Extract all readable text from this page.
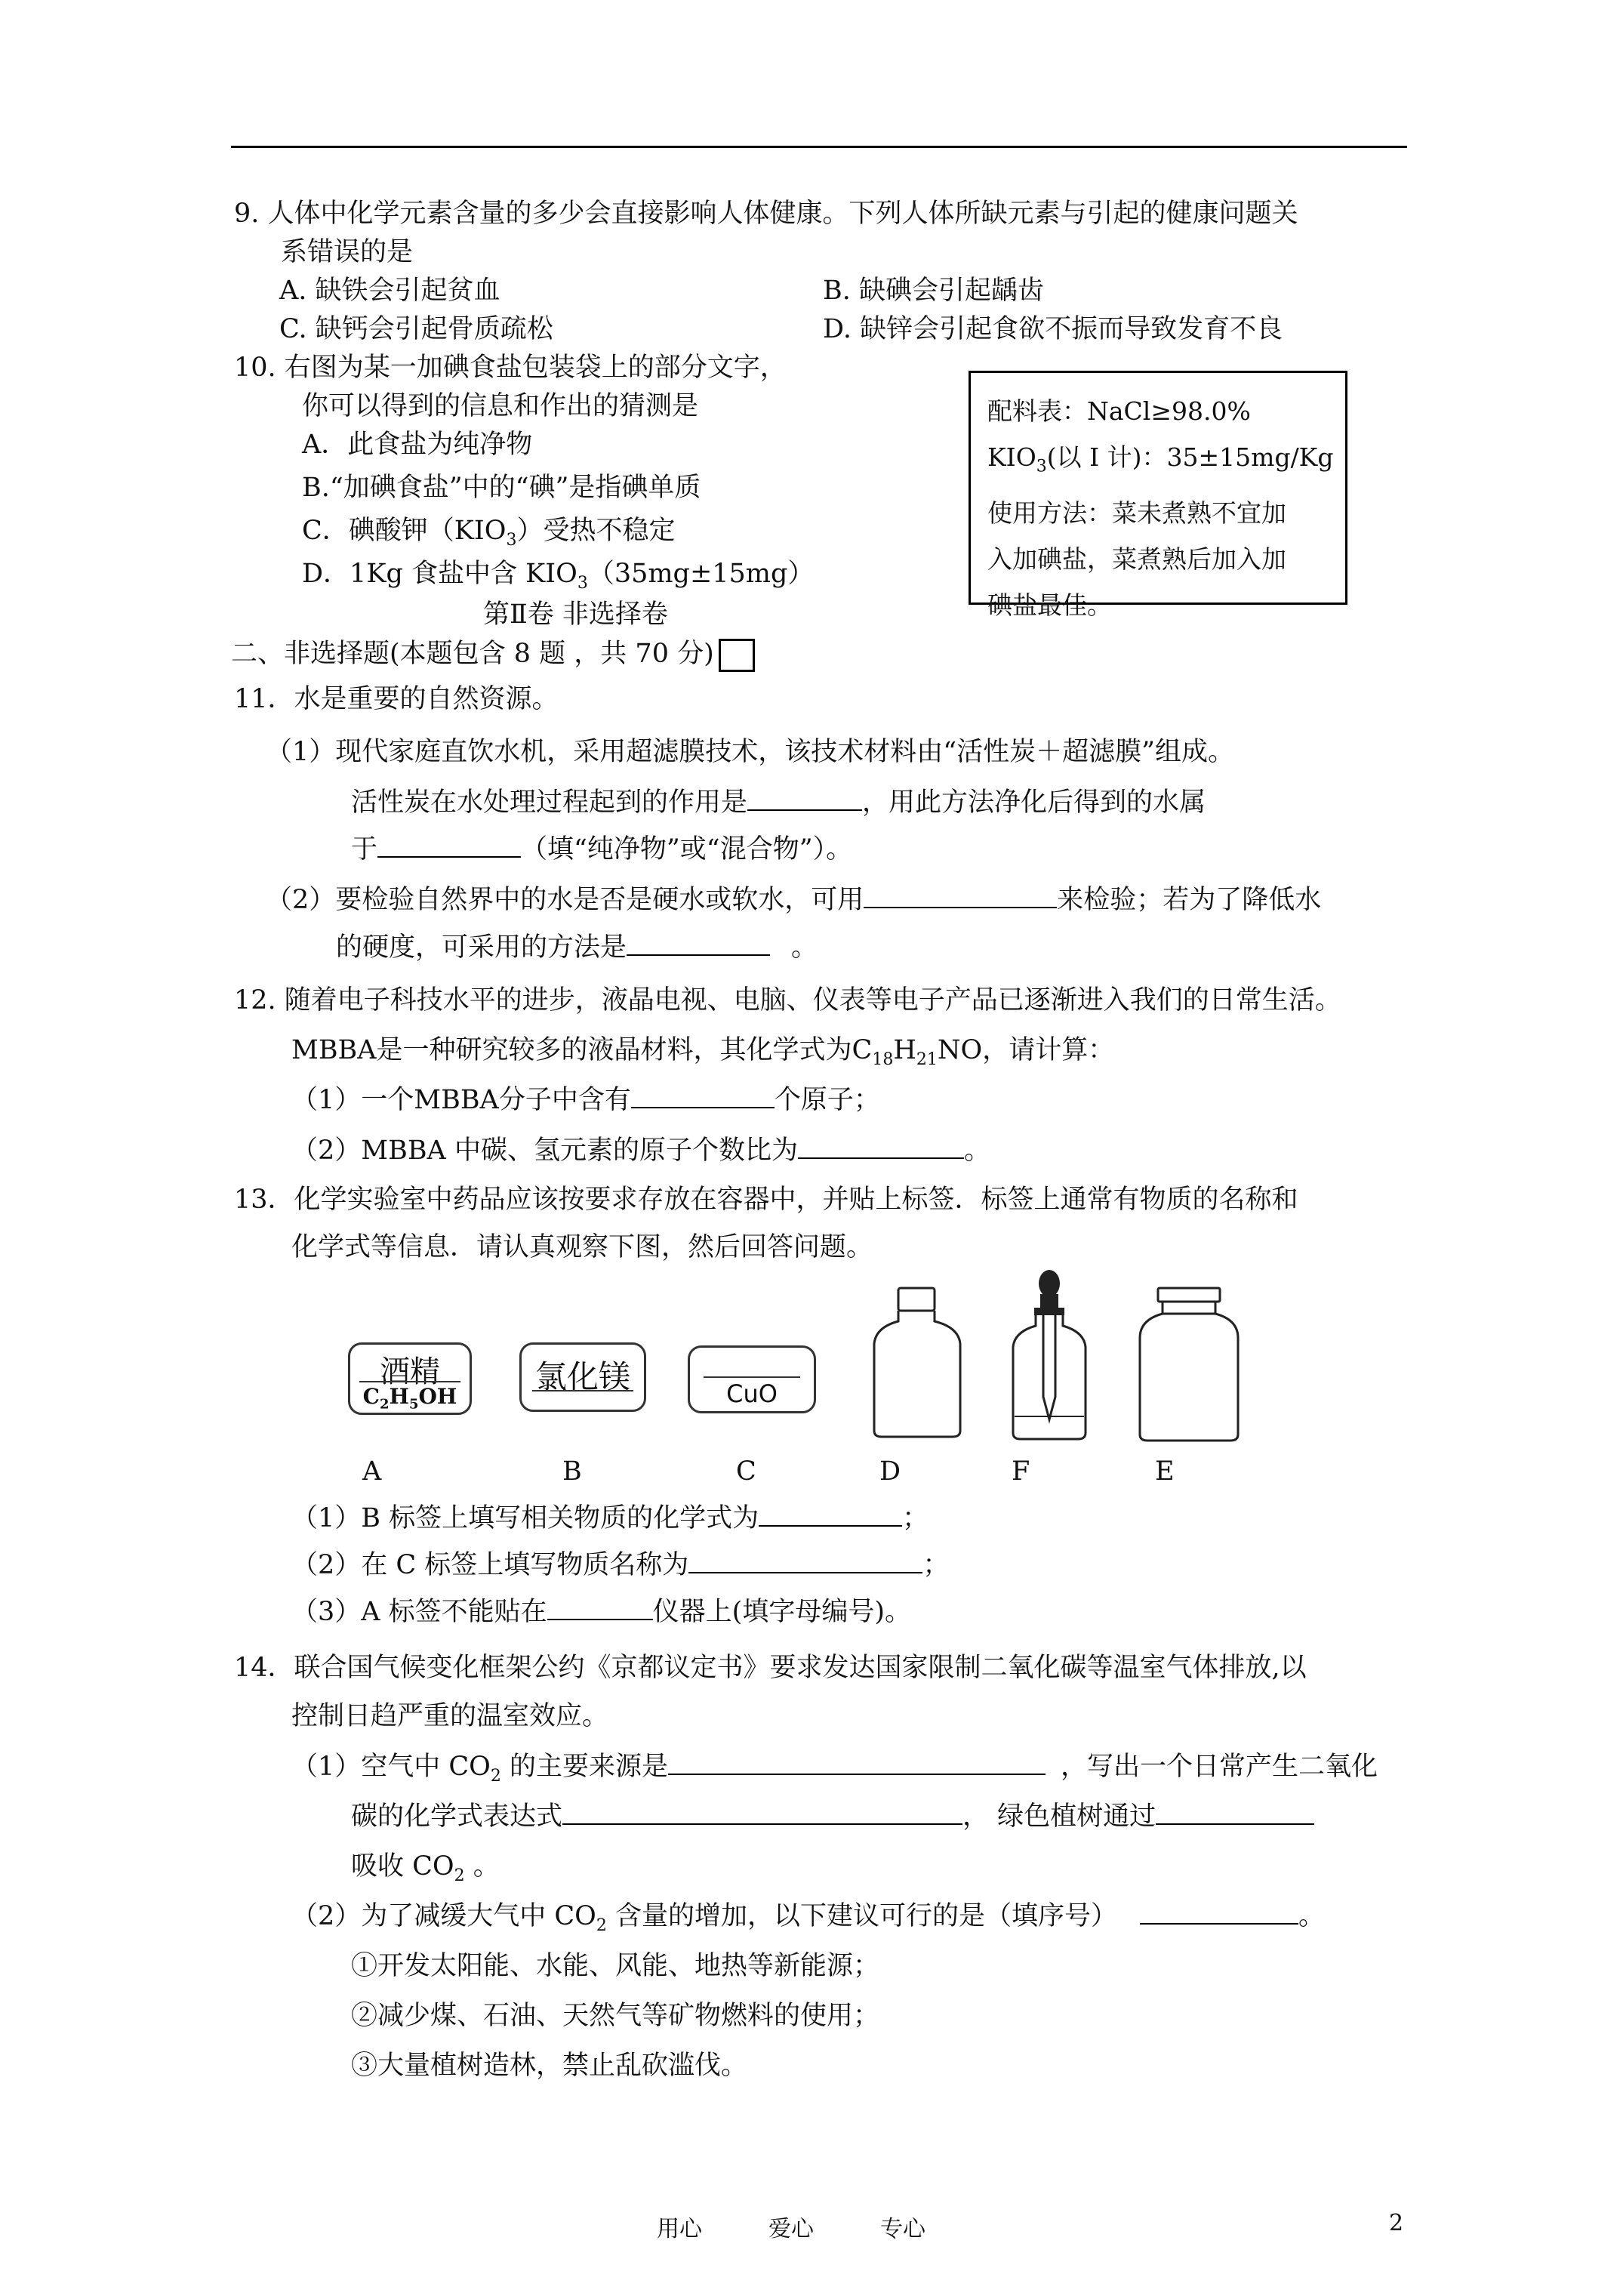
9. 人体中化学元素含量的多少会直接影响人体健康。下列人体所缺元素与引起的健康问题关
系错误的是
A. 缺铁会引起贫血	B. 缺碘会引起龋齿
C. 缺钙会引起骨质疏松	D. 缺锌会引起食欲不振而导致发育不良
10. 右图为某一加碘食盐包装袋上的部分文字，
你可以得到的信息和作出的猜测是
A．此食盐为纯净物
B.“加碘食盐”中的“碘”是指碘单质
C．碘酸钾$(KIO_3)$受热不稳定
D．1Kg 食盐中含 $KIO_3(35mg\pm 15mg)$
配料表：NaCl≥98.0%
$KIO_3$(以 I 计)：35±15mg/Kg
使用方法：菜未煮熟不宜加
入加碘盐，菜煮熟后加入加
碘盐最佳。
第Ⅱ卷 非选择卷
二、非选择题(本题包含 8 题 ，共 70 分)
11．水是重要的自然资源。
（1）现代家庭直饮水机，采用超滤膜技术，该技术材料由“活性炭＋超滤膜”组成。
活性炭在水处理过程起到的作用是	，用此方法净化后得到的水属
于	（填“纯净物”或“混合物”）。
（2）要检验自然界中的水是否是硬水或软水，可用	来检验；若为了降低水
的硬度，可采用的方法是	。
12. 随着电子科技水平的进步，液晶电视、电脑、仪表等电子产品已逐渐进入我们的日常生活。
MBBA是一种研究较多的液晶材料，其化学式为$C_{18}H_{21}NO$，请计算：
（1）一个MBBA分子中含有	个原子；
（2）MBBA 中碳、氢元素的原子个数比为	。
13．化学实验室中药品应该按要求存放在容器中，并贴上标签．标签上通常有物质的名称和
化学式等信息．请认真观察下图，然后回答问题。
酒精
$C_2H_5OH$
氯化镁	CuO
A	B	C	D	F	E
（1）B 标签上填写相关物质的化学式为	；
（2）在 C 标签上填写物质名称为	；
（3）A 标签不能贴在	仪器上(填字母编号)。
14．联合国气候变化框架公约《京都议定书》要求发达国家限制二氧化碳等温室气体排放,以
控制日趋严重的温室效应。
（1）空气中 $CO_2$ 的主要来源是	，写出一个日常产生二氧化
碳的化学式表达式	， 绿色植树通过
吸收 $CO_2$ 。
（2）为了减缓大气中 $CO_2$ 含量的增加，以下建议可行的是（填序号）	。
①开发太阳能、水能、风能、地热等新能源；
②减少煤、石油、天然气等矿物燃料的使用；
③大量植树造林，禁止乱砍滥伐。
用心	爱心	专心	2
